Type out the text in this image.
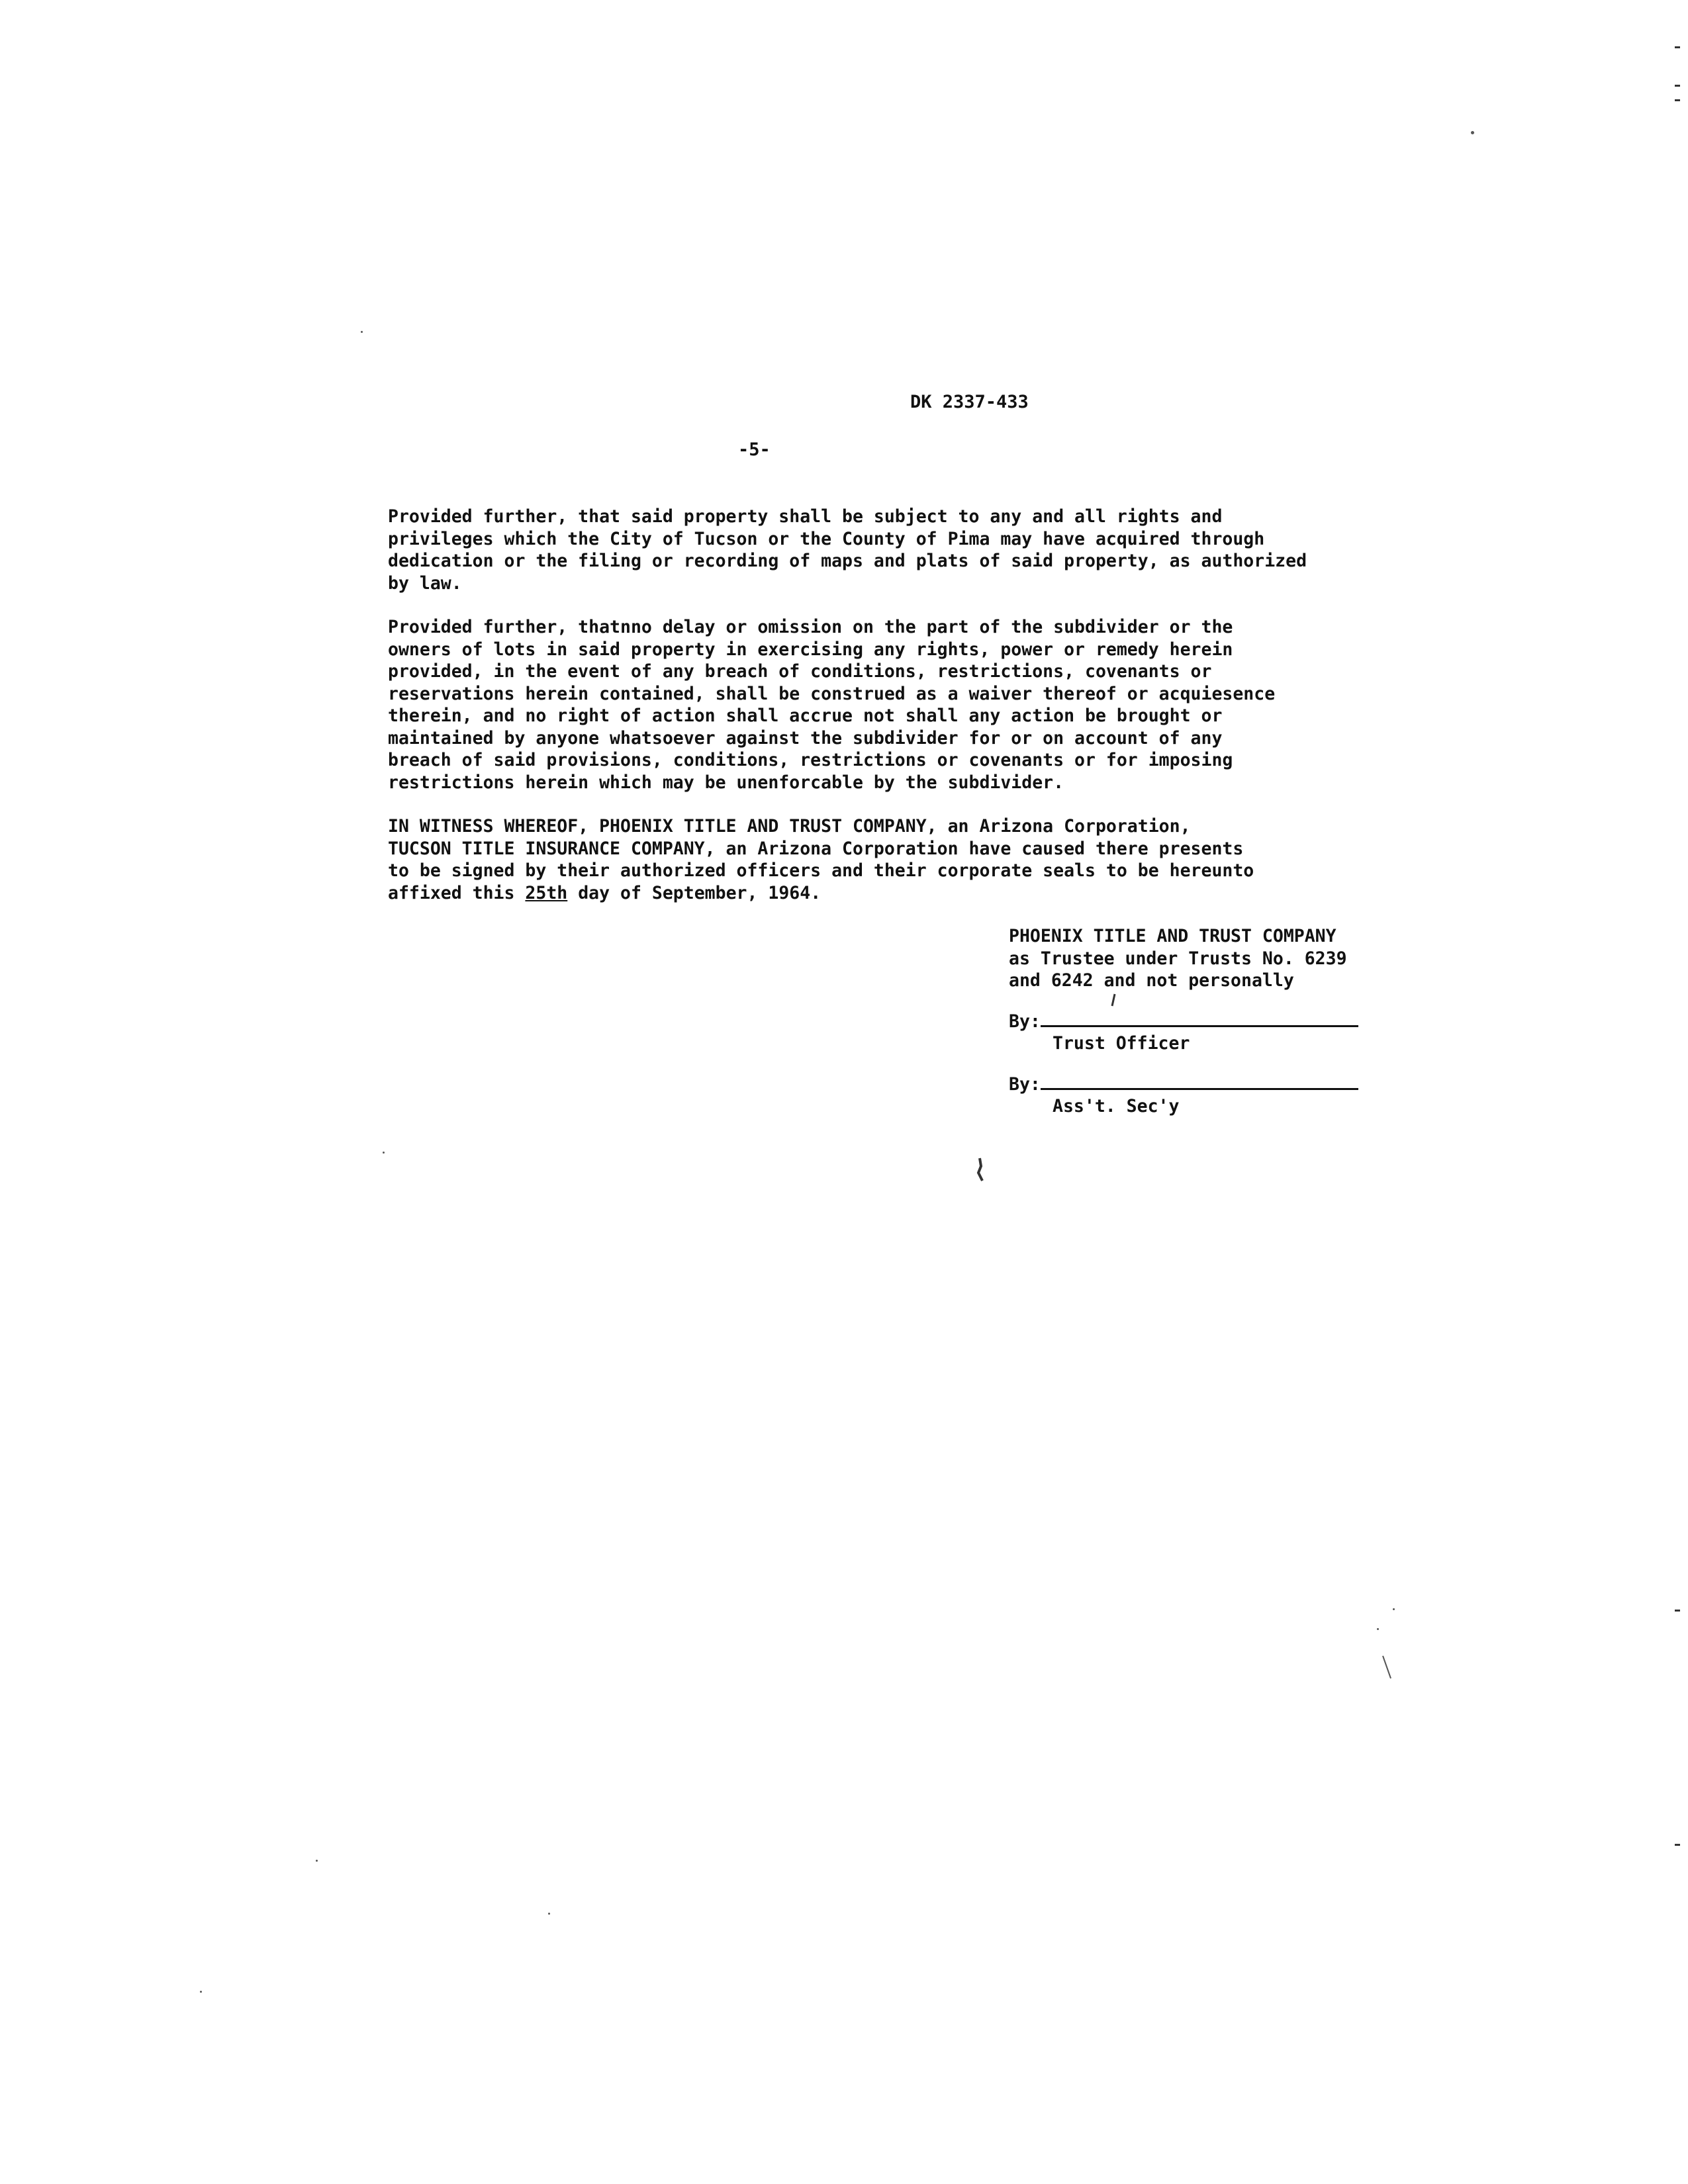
DK 2337-433
-5-
Provided further, that said property shall be subject to any and all rights and
privileges which the City of Tucson or the County of Pima may have acquired through
dedication or the filing or recording of maps and plats of said property, as authorized
by law.
Provided further, thatnno delay or omission on the part of the subdivider or the
owners of lots in said property in exercising any rights, power or remedy herein
provided, in the event of any breach of conditions, restrictions, covenants or
reservations herein contained, shall be construed as a waiver thereof or acquiesence
therein, and no right of action shall accrue not shall any action be brought or
maintained by anyone whatsoever against the subdivider for or on account of any
breach of said provisions, conditions, restrictions or covenants or for imposing
restrictions herein which may be unenforcable by the subdivider.
IN WITNESS WHEREOF, PHOENIX TITLE AND TRUST COMPANY, an Arizona Corporation,
TUCSON TITLE INSURANCE COMPANY, an Arizona Corporation have caused there presents
to be signed by their authorized officers and their corporate seals to be hereunto
affixed this 25th day of September, 1964.
PHOENIX TITLE AND TRUST COMPANY
as Trustee under Trusts No. 6239
and 6242 and not personally
By:
Trust Officer
By:
Ass't. Sec'y
